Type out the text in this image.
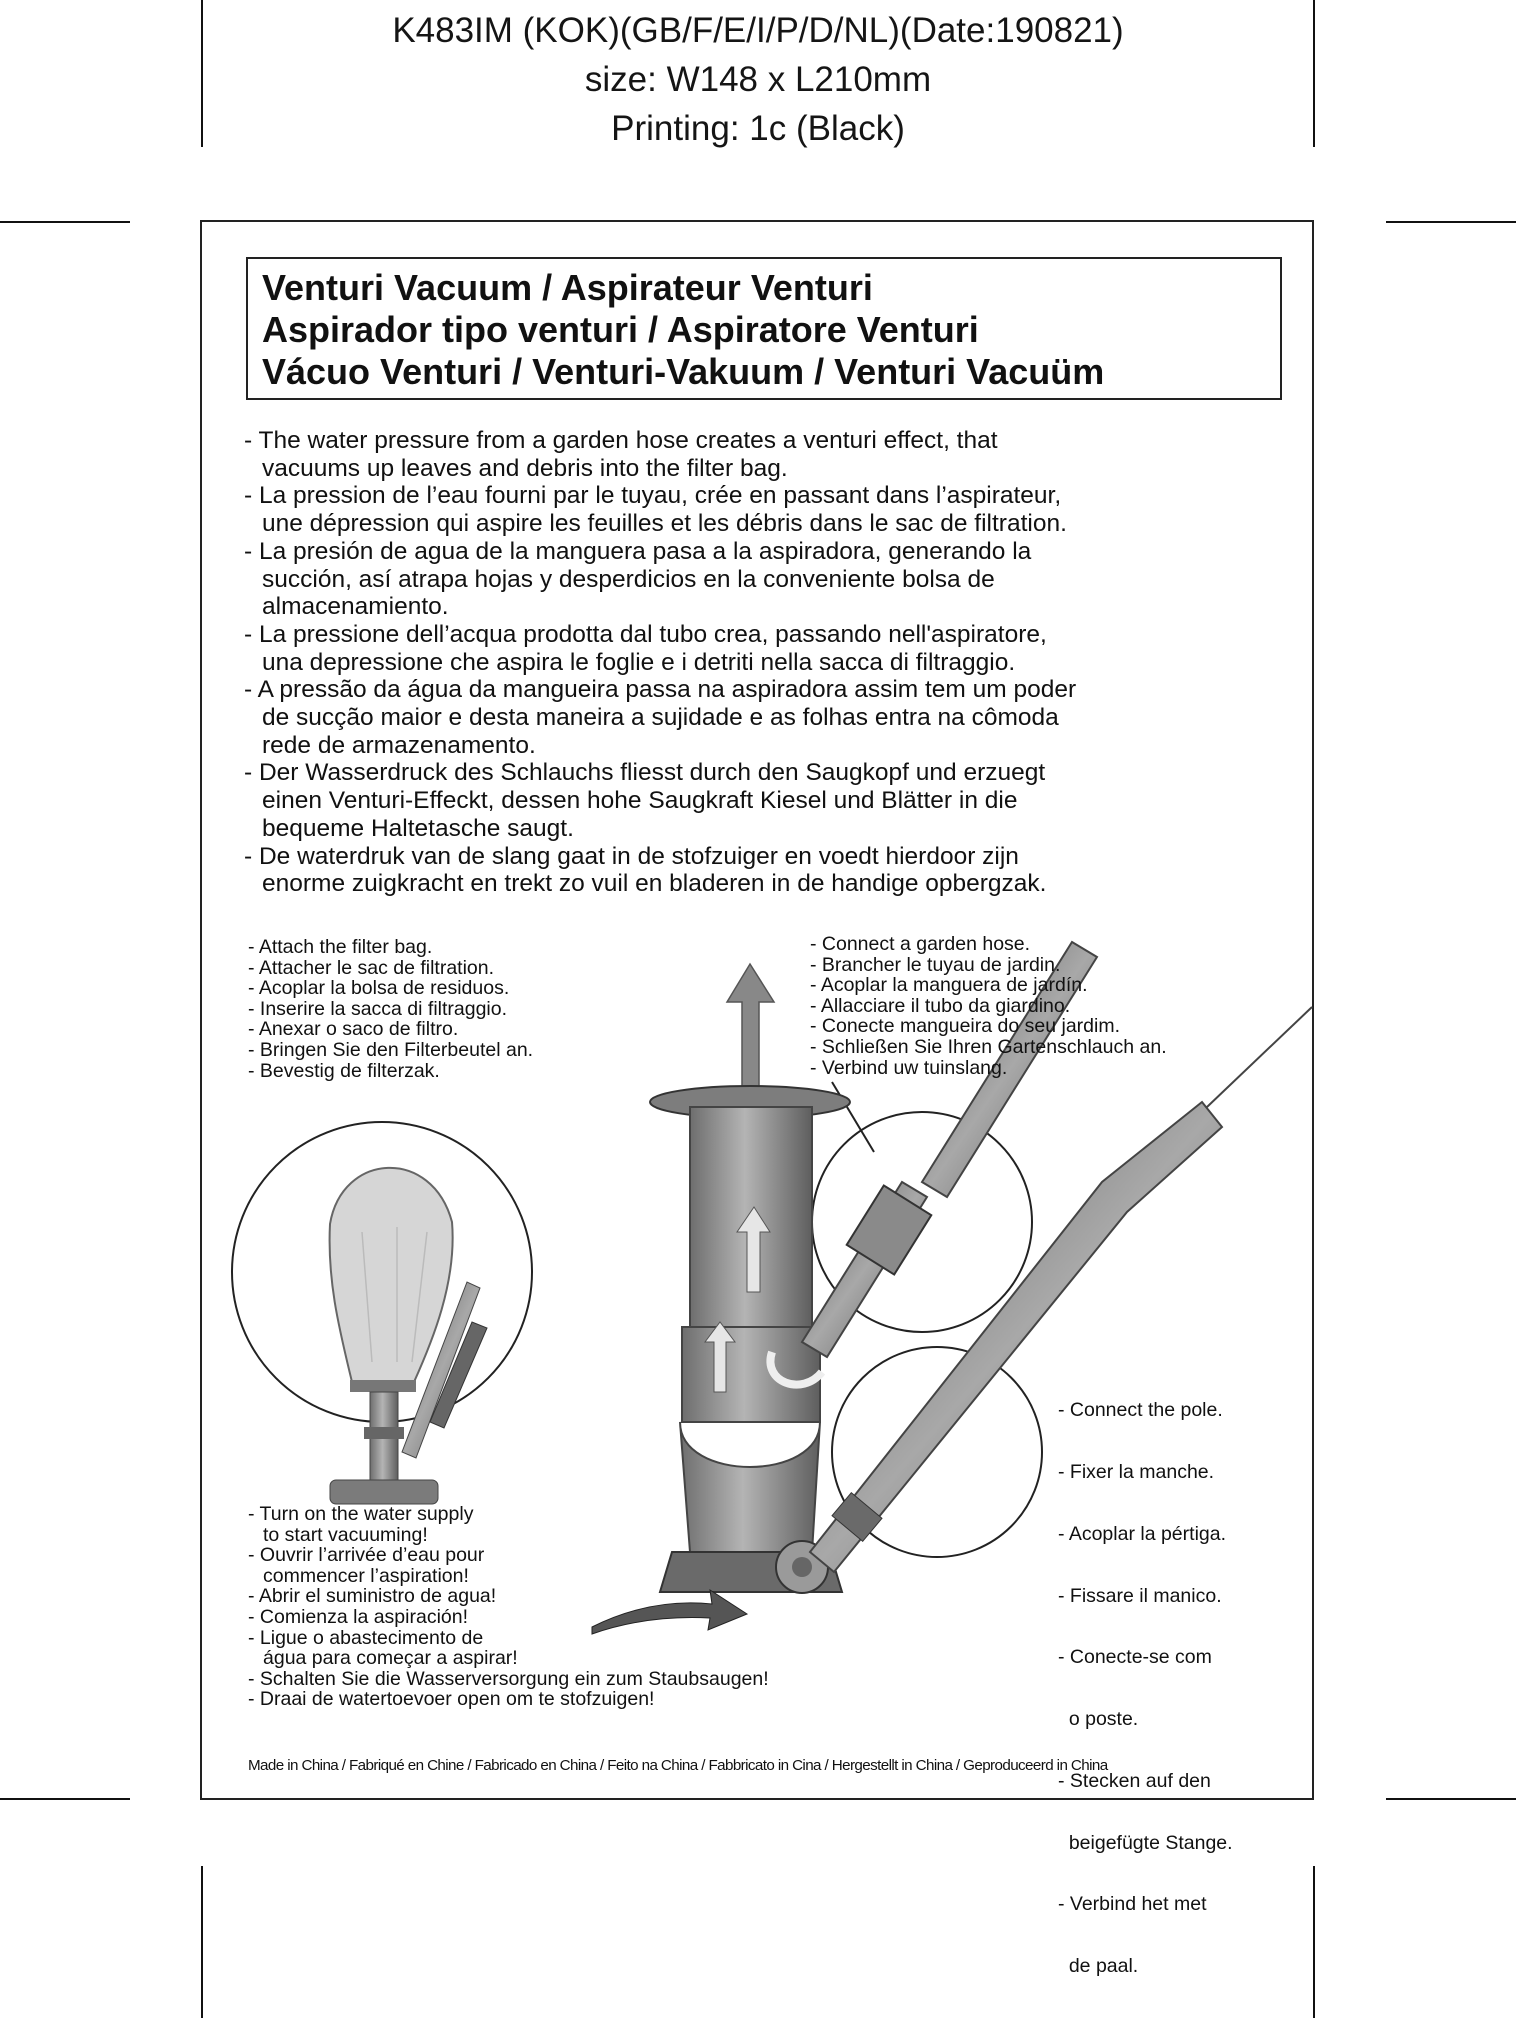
K483IM (KOK)(GB/F/E/I/P/D/NL)(Date:190821)
size: W148 x L210mm
Printing: 1c (Black)
Venturi Vacuum / Aspirateur Venturi
Aspirador tipo venturi / Aspiratore Venturi
Vácuo Venturi / Venturi-Vakuum / Venturi Vacuüm
- The water pressure from a garden hose creates a venturi effect, that
vacuums up leaves and debris into the filter bag.
- La pression de l’eau fourni par le tuyau, crée en passant dans l’aspirateur,
une dépression qui aspire les feuilles et les débris dans le sac de filtration.
- La presión de agua de la manguera pasa a la aspiradora, generando la
succión, así atrapa hojas y desperdicios en la conveniente bolsa de
almacenamiento.
- La pressione dell’acqua prodotta dal tubo crea, passando nell'aspiratore,
una depressione che aspira le foglie e i detriti nella sacca di filtraggio.
- A pressão da água da mangueira passa na aspiradora assim tem um poder
de sucção maior e desta maneira a sujidade e as folhas entra na cômoda
rede de armazenamento.
- Der Wasserdruck des Schlauchs fliesst durch den Saugkopf und erzuegt
einen Venturi-Effeckt, dessen hohe Saugkraft Kiesel und Blätter in die
bequeme Haltetasche saugt.
- De waterdruk van de slang gaat in de stofzuiger en voedt hierdoor zijn
enorme zuigkracht en trekt zo vuil en bladeren in de handige opbergzak.
- Attach the filter bag.
- Attacher le sac de filtration.
- Acoplar la bolsa de residuos.
- Inserire la sacca di filtraggio.
- Anexar o saco de filtro.
- Bringen Sie den Filterbeutel an.
- Bevestig de filterzak.
- Connect a garden hose.
- Brancher le tuyau de jardin.
- Acoplar la manguera de jardín.
- Allacciare il tubo da giardino.
- Conecte mangueira do seu jardim.
- Schließen Sie Ihren Gartenschlauch an.
- Verbind uw tuinslang.

- Connect the pole.

- Fixer la manche.

- Acoplar la pértiga.

- Fissare il manico.

- Conecte-se com

o poste.

- Stecken auf den

beigefügte Stange.

- Verbind het met

de paal.

- Turn on the water supply
to start vacuuming!
- Ouvrir l’arrivée d’eau pour
commencer l’aspiration!
- Abrir el suministro de agua!
- Comienza la aspiración!
- Ligue o abastecimento de
água para começar a aspirar!
- Schalten Sie die Wasserversorgung ein zum Staubsaugen!
- Draai de watertoevoer open om te stofzuigen!
Made in China / Fabriqué en Chine / Fabricado en China / Feito na China / Fabbricato in Cina / Hergestellt in China / Geproduceerd in China
